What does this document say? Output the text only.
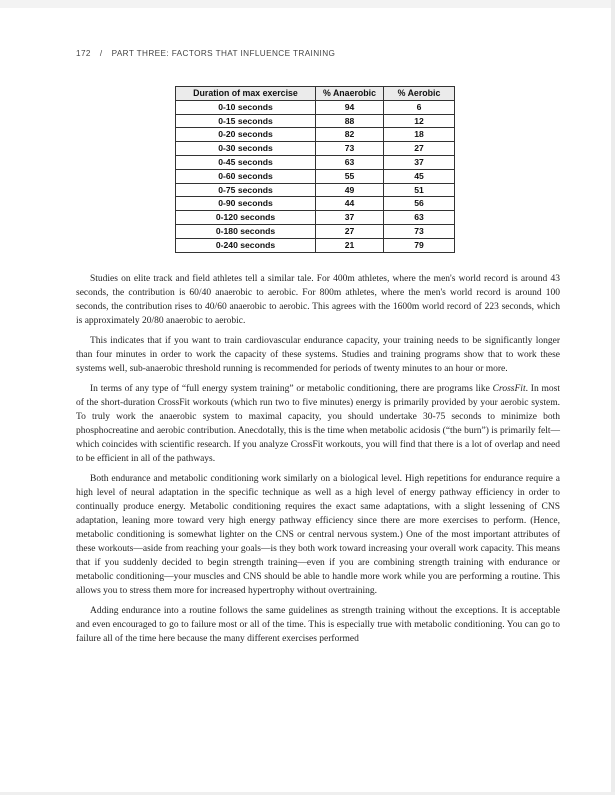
172 / PART THREE: FACTORS THAT INFLUENCE TRAINING
Duration of max exercise	% Anaerobic	% Aerobic
0-10 seconds	94	6
0-15 seconds	88	12
0-20 seconds	82	18
0-30 seconds	73	27
0-45 seconds	63	37
0-60 seconds	55	45
0-75 seconds	49	51
0-90 seconds	44	56
0-120 seconds	37	63
0-180 seconds	27	73
0-240 seconds	21	79

Studies on elite track and field athletes tell a similar tale. For 400m athletes, where the men's world record is around 43 seconds, the contribution is 60/40 anaerobic to aerobic. For 800m athletes, where the men's world record is around 100 seconds, the contribution rises to 40/60 anaerobic to aerobic. This agrees with the 1600m world record of 223 seconds, which is approximately 20/80 anaerobic to aerobic.

This indicates that if you want to train cardiovascular endurance capacity, your training needs to be significantly longer than four minutes in order to work the capacity of these systems. Studies and training programs show that to work these systems well, sub-anaerobic threshold running is recommended for periods of twenty minutes to an hour or more.

In terms of any type of “full energy system training” or metabolic conditioning, there are programs like CrossFit. In most of the short-duration CrossFit workouts (which run two to five minutes) energy is primarily provided by your aerobic system. To truly work the anaerobic system to maximal capacity, you should undertake 30-75 seconds to minimize both phosphocreatine and aerobic contribution. Anecdotally, this is the time when metabolic acidosis (“the burn”) is primarily felt—which coincides with scientific research. If you analyze CrossFit workouts, you will find that there is a lot of overlap and need to be efficient in all of the pathways.

Both endurance and metabolic conditioning work similarly on a biological level. High repetitions for endurance require a high level of neural adaptation in the specific technique as well as a high level of energy pathway efficiency in order to continually produce energy. Metabolic conditioning requires the exact same adaptations, with a slight lessening of CNS adaptation, leaning more toward very high energy pathway efficiency since there are more exercises to perform. (Hence, metabolic conditioning is somewhat lighter on the CNS or central nervous system.) One of the most important attributes of these workouts—aside from reaching your goals—is they both work toward increasing your overall work capacity. This means that if you suddenly decided to begin strength training—even if you are combining strength training with endurance or metabolic conditioning—your muscles and CNS should be able to handle more work while you are performing a routine. This allows you to stress them more for increased hypertrophy without overtraining.

Adding endurance into a routine follows the same guidelines as strength training without the exceptions. It is acceptable and even encouraged to go to failure most or all of the time. This is especially true with metabolic conditioning. You can go to failure all of the time here because the many different exercises performed
